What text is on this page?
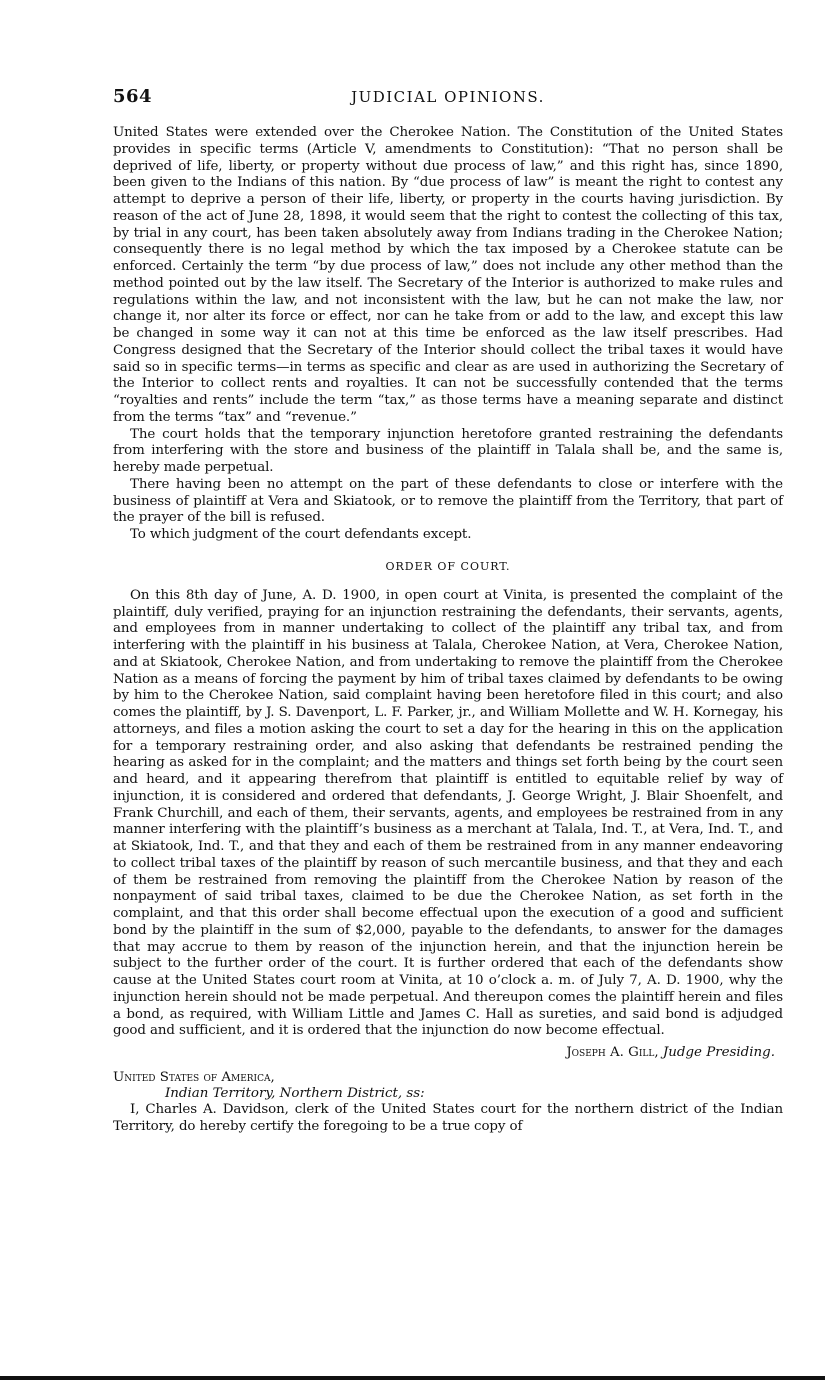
564	JUDICIAL OPINIONS.

United States were extended over the Cherokee Nation. The Constitution of the United States provides in specific terms (Article V, amendments to Constitution): “That no person shall be deprived of life, liberty, or property without due process of law,” and this right has, since 1890, been given to the Indians of this nation. By “due process of law” is meant the right to contest any attempt to deprive a person of their life, liberty, or property in the courts having jurisdiction. By reason of the act of June 28, 1898, it would seem that the right to contest the collecting of this tax, by trial in any court, has been taken absolutely away from Indians trading in the Cherokee Nation; consequently there is no legal method by which the tax imposed by a Cherokee statute can be enforced. Certainly the term “by due process of law,” does not include any other method than the method pointed out by the law itself. The Secretary of the Interior is authorized to make rules and regulations within the law, and not inconsistent with the law, but he can not make the law, nor change it, nor alter its force or effect, nor can he take from or add to the law, and except this law be changed in some way it can not at this time be enforced as the law itself prescribes. Had Congress designed that the Secretary of the Interior should collect the tribal taxes it would have said so in specific terms—in terms as specific and clear as are used in authorizing the Secretary of the Interior to collect rents and royalties. It can not be successfully contended that the terms “royalties and rents” include the term “tax,” as those terms have a meaning separate and distinct from the terms “tax” and “revenue.”

The court holds that the temporary injunction heretofore granted restraining the defendants from interfering with the store and business of the plaintiff in Talala shall be, and the same is, hereby made perpetual.

There having been no attempt on the part of these defendants to close or interfere with the business of plaintiff at Vera and Skiatook, or to remove the plaintiff from the Territory, that part of the prayer of the bill is refused.

To which judgment of the court defendants except.

ORDER OF COURT.

On this 8th day of June, A. D. 1900, in open court at Vinita, is presented the complaint of the plaintiff, duly verified, praying for an injunction restraining the defendants, their servants, agents, and employees from in manner undertaking to collect of the plaintiff any tribal tax, and from interfering with the plaintiff in his business at Talala, Cherokee Nation, at Vera, Cherokee Nation, and at Skiatook, Cherokee Nation, and from undertaking to remove the plaintiff from the Cherokee Nation as a means of forcing the payment by him of tribal taxes claimed by defendants to be owing by him to the Cherokee Nation, said complaint having been heretofore filed in this court; and also comes the plaintiff, by J. S. Davenport, L. F. Parker, jr., and William Mollette and W. H. Kornegay, his attorneys, and files a motion asking the court to set a day for the hearing in this on the application for a temporary restraining order, and also asking that defendants be restrained pending the hearing as asked for in the complaint; and the matters and things set forth being by the court seen and heard, and it appearing therefrom that plaintiff is entitled to equitable relief by way of injunction, it is considered and ordered that defendants, J. George Wright, J. Blair Shoenfelt, and Frank Churchill, and each of them, their servants, agents, and employees be restrained from in any manner interfering with the plaintiff’s business as a merchant at Talala, Ind. T., at Vera, Ind. T., and at Skiatook, Ind. T., and that they and each of them be restrained from in any manner endeavoring to collect tribal taxes of the plaintiff by reason of such mercantile business, and that they and each of them be restrained from removing the plaintiff from the Cherokee Nation by reason of the nonpayment of said tribal taxes, claimed to be due the Cherokee Nation, as set forth in the complaint, and that this order shall become effectual upon the execution of a good and sufficient bond by the plaintiff in the sum of $2,000, payable to the defendants, to answer for the damages that may accrue to them by reason of the injunction herein, and that the injunction herein be subject to the further order of the court. It is further ordered that each of the defendants show cause at the United States court room at Vinita, at 10 o’clock a. m. of July 7, A. D. 1900, why the injunction herein should not be made perpetual. And thereupon comes the plaintiff herein and files a bond, as required, with William Little and James C. Hall as sureties, and said bond is adjudged good and sufficient, and it is ordered that the injunction do now become effectual.

Joseph A. Gill, Judge Presiding.
United States of America,
Indian Territory, Northern District, ss:

I, Charles A. Davidson, clerk of the United States court for the northern district of the Indian Territory, do hereby certify the foregoing to be a true copy of
